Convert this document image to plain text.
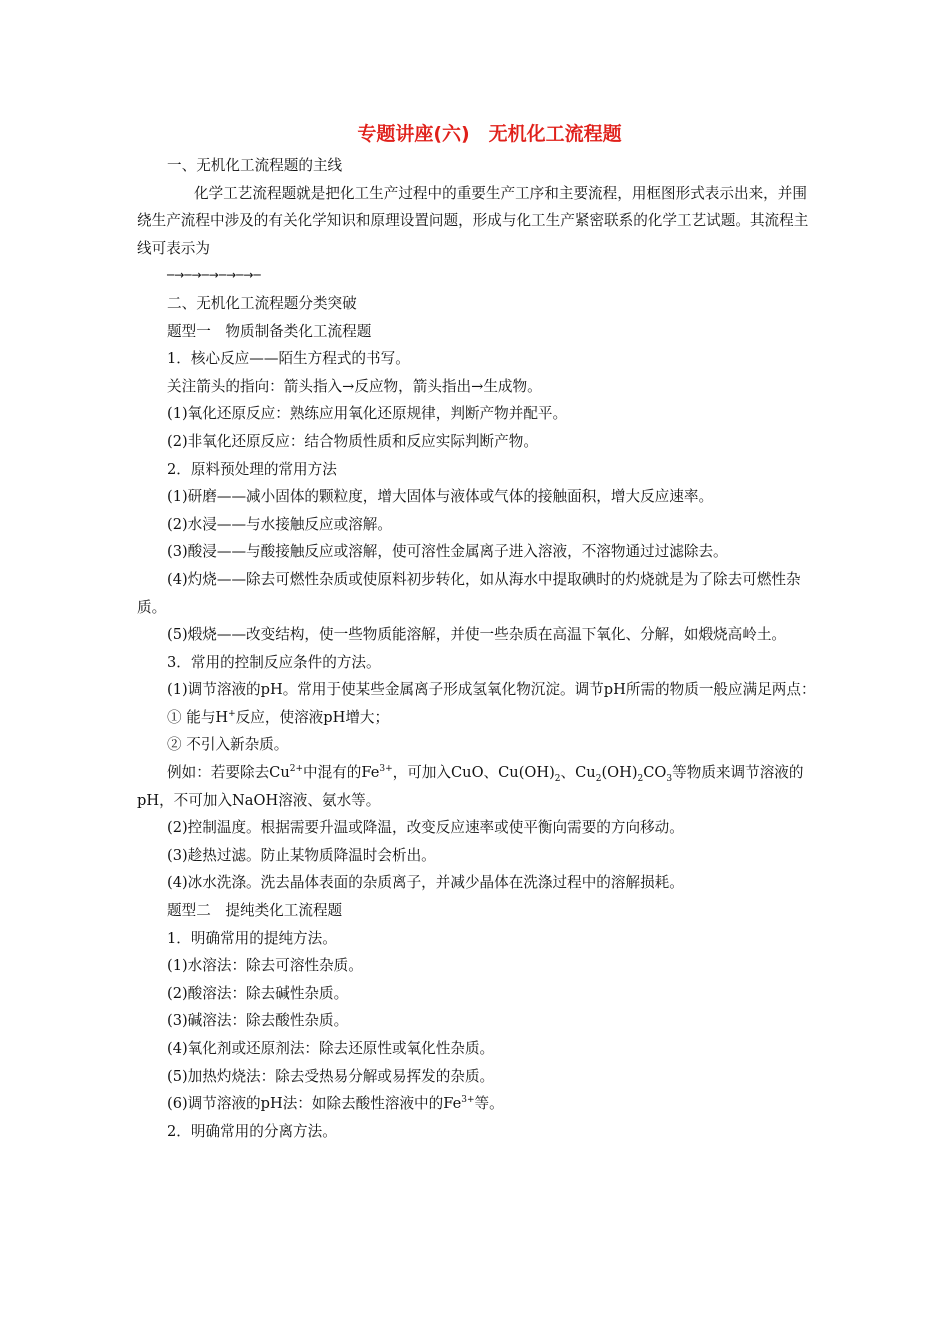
专题讲座(六)　无机化工流程题

一、无机化工流程题的主线

化学工艺流程题就是把化工生产过程中的重要生产工序和主要流程，用框图形式表示出来，并围绕生产流程中涉及的有关化学知识和原理设置问题，形成与化工生产紧密联系的化学工艺试题。其流程主线可表示为

─→─→─→─→─→─

二、无机化工流程题分类突破

题型一　物质制备类化工流程题

1．核心反应——陌生方程式的书写。

关注箭头的指向：箭头指入→反应物，箭头指出→生成物。

(1)氧化还原反应：熟练应用氧化还原规律，判断产物并配平。

(2)非氧化还原反应：结合物质性质和反应实际判断产物。

2．原料预处理的常用方法

(1)研磨——减小固体的颗粒度，增大固体与液体或气体的接触面积，增大反应速率。

(2)水浸——与水接触反应或溶解。

(3)酸浸——与酸接触反应或溶解，使可溶性金属离子进入溶液，不溶物通过过滤除去。

(4)灼烧——除去可燃性杂质或使原料初步转化，如从海水中提取碘时的灼烧就是为了除去可燃性杂质。

(5)煅烧——改变结构，使一些物质能溶解，并使一些杂质在高温下氧化、分解，如煅烧高岭土。

3．常用的控制反应条件的方法。

(1)调节溶液的pH。常用于使某些金属离子形成氢氧化物沉淀。调节pH所需的物质一般应满足两点：

① 能与H+反应，使溶液pH增大；

② 不引入新杂质。

例如：若要除去$Cu^{2+}$中混有的$Fe^{3+}$，可加入CuO、$Cu(OH)_2$、$Cu_2(OH)_2CO_3$等物质来调节溶液的pH，不可加入NaOH溶液、氨水等。

(2)控制温度。根据需要升温或降温，改变反应速率或使平衡向需要的方向移动。

(3)趁热过滤。防止某物质降温时会析出。

(4)冰水洗涤。洗去晶体表面的杂质离子，并减少晶体在洗涤过程中的溶解损耗。

题型二　提纯类化工流程题

1．明确常用的提纯方法。

(1)水溶法：除去可溶性杂质。

(2)酸溶法：除去碱性杂质。

(3)碱溶法：除去酸性杂质。

(4)氧化剂或还原剂法：除去还原性或氧化性杂质。

(5)加热灼烧法：除去受热易分解或易挥发的杂质。

(6)调节溶液的pH法：如除去酸性溶液中的$Fe^{3+}$等。

2．明确常用的分离方法。
